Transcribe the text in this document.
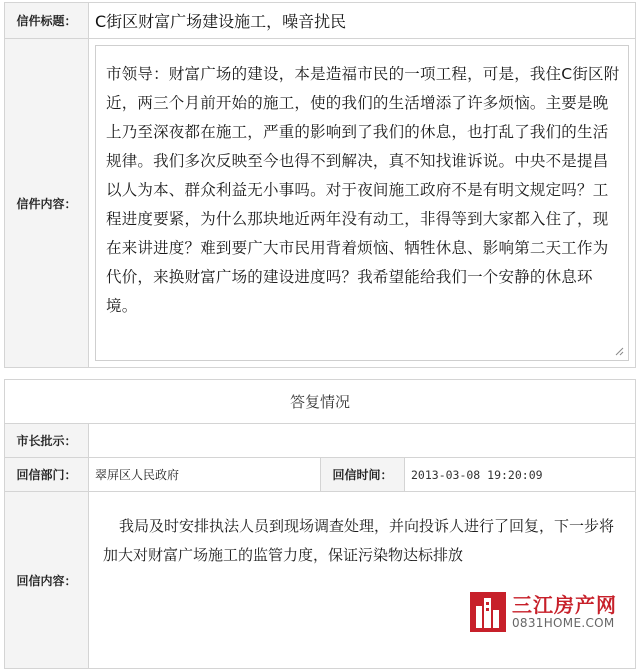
信件标题：	C街区财富广场建设施工，噪音扰民
信件内容：
市领导：财富广场的建设，本是造福市民的一项工程，可是，我住C街区附近，两三个月前开始的施工，使的我们的生活增添了许多烦恼。主要是晚上乃至深夜都在施工，严重的影响到了我们的休息，也打乱了我们的生活规律。我们多次反映至今也得不到解决，真不知找谁诉说。中央不是提昌以人为本、群众利益无小事吗。对于夜间施工政府不是有明文规定吗？工程进度要紧，为什么那块地近两年没有动工，非得等到大家都入住了，现在来讲进度？难到要广大市民用背着烦恼、牺牲休息、影响第二天工作为代价，来换财富广场的建设进度吗？我希望能给我们一个安静的休息环境。
答复情况
市长批示：
回信部门：	翠屏区人民政府	回信时间：	2013-03-08 19:20:09
回信内容：
我局及时安排执法人员到现场调查处理，并向投诉人进行了回复，下一步将加大对财富广场施工的监管力度，保证污染物达标排放
三江房产网
0831HOME.COM
